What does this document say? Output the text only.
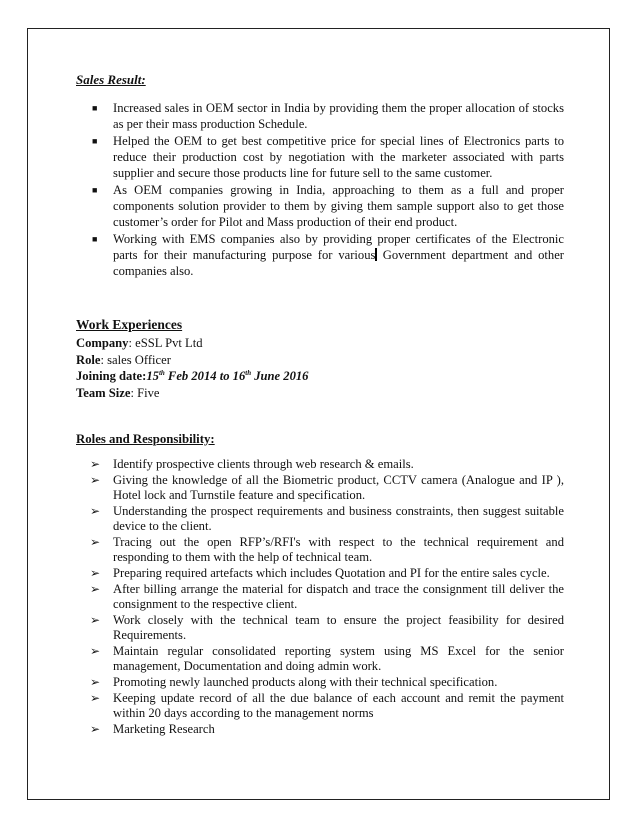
Sales Result:
■ Increased sales in OEM sector in India by providing them the proper allocation of stocks as per their mass production Schedule.
■ Helped the OEM to get best competitive price for special lines of Electronics parts to reduce their production cost by negotiation with the marketer associated with parts supplier and secure those products line for future sell to the same customer.
■ As OEM companies growing in India, approaching to them as a full and proper components solution provider to them by giving them sample support also to get those customer’s order for Pilot and Mass production of their end product.
■ Working with EMS companies also by providing proper certificates of the Electronic parts for their manufacturing purpose for various Government department and other companies also.
Work Experiences

Company: eSSL Pvt Ltd

Role: sales Officer

Joining date:15th Feb 2014 to 16th June 2016

Team Size: Five

Roles and Responsibility:
➢ Identify prospective clients through web research & emails.
➢ Giving the knowledge of all the Biometric product, CCTV camera (Analogue and IP ), Hotel lock and Turnstile feature and specification.
➢ Understanding the prospect requirements and business constraints, then suggest suitable device to the client.
➢ Tracing out the open RFP’s/RFI's with respect to the technical requirement and responding to them with the help of technical team.
➢ Preparing required artefacts which includes Quotation and PI for the entire sales cycle.
➢ After billing arrange the material for dispatch and trace the consignment till deliver the consignment to the respective client.
➢ Work closely with the technical team to ensure the project feasibility for desired Requirements.
➢ Maintain regular consolidated reporting system using MS Excel for the senior management, Documentation and doing admin work.
➢ Promoting newly launched products along with their technical specification.
➢ Keeping update record of all the due balance of each account and remit the payment within 20 days according to the management norms
➢ Marketing Research
